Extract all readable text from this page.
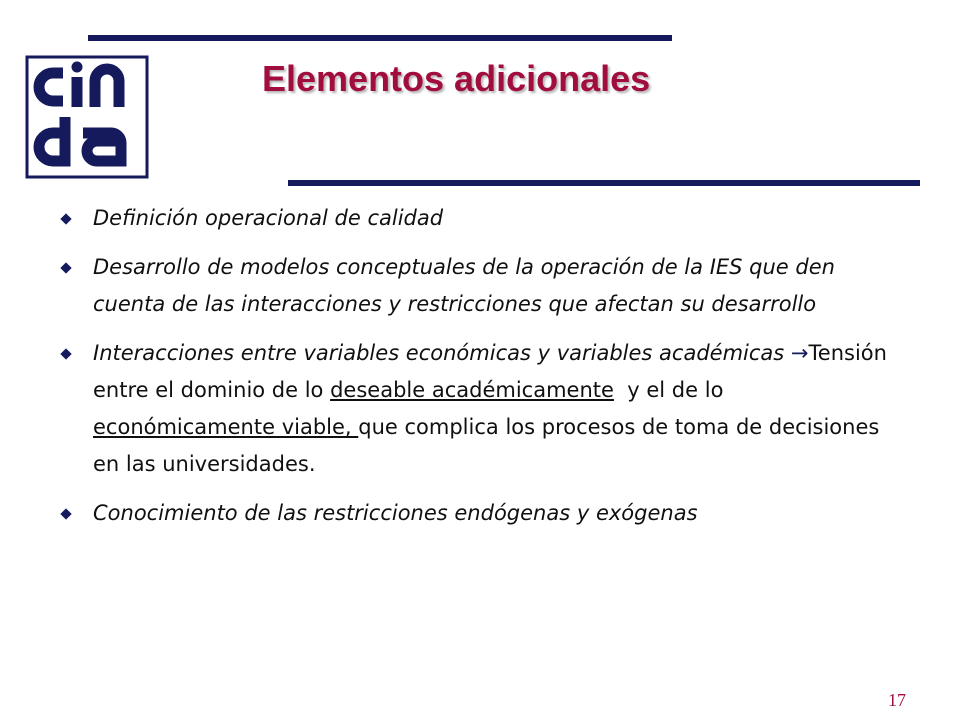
Elementos adicionales
Definición operacional de calidad
Desarrollo de modelos conceptuales de la operación de la IES que den cuenta de las interacciones y restricciones que afectan su desarrollo
Interacciones entre variables económicas y variables académicas →Tensión entre el dominio de lo deseable académicamente  y el de lo económicamente viable, que complica los procesos de toma de decisiones en las universidades.
Conocimiento de las restricciones endógenas y exógenas
17
